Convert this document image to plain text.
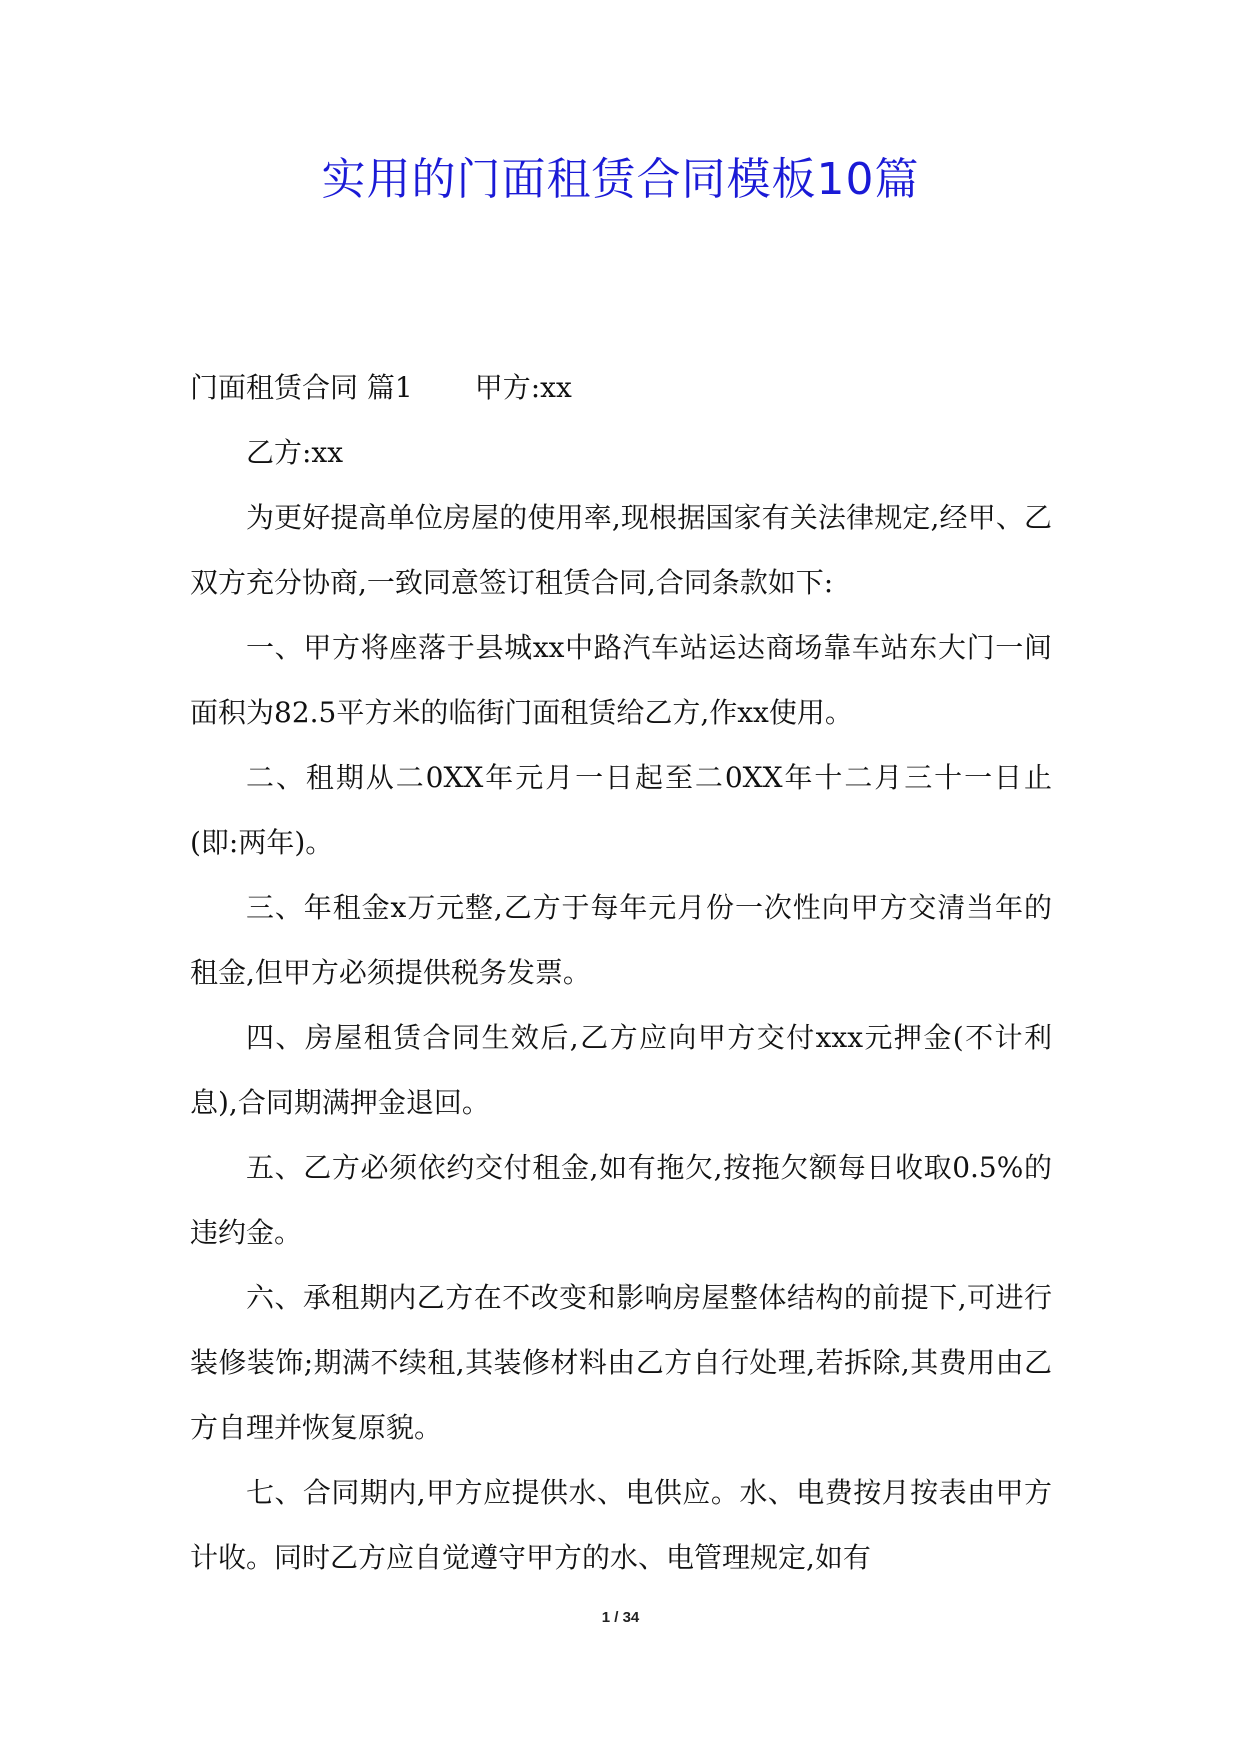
实用的门面租赁合同模板10篇

门面租赁合同 篇1 甲方:xx

乙方:xx

为更好提高单位房屋的使用率,现根据国家有关法律规定,经甲、乙双方充分协商,一致同意签订租赁合同,合同条款如下:

一、甲方将座落于县城xx中路汽车站运达商场靠车站东大门一间面积为82.5平方米的临街门面租赁给乙方,作xx使用。

二、租期从二0XX年元月一日起至二0XX年十二月三十一日止(即:两年)。

三、年租金x万元整,乙方于每年元月份一次性向甲方交清当年的租金,但甲方必须提供税务发票。

四、房屋租赁合同生效后,乙方应向甲方交付xxx元押金(不计利息),合同期满押金退回。

五、乙方必须依约交付租金,如有拖欠,按拖欠额每日收取0.5%的违约金。

六、承租期内乙方在不改变和影响房屋整体结构的前提下,可进行装修装饰;期满不续租,其装修材料由乙方自行处理,若拆除,其费用由乙方自理并恢复原貌。

七、合同期内,甲方应提供水、电供应。水、电费按月按表由甲方计收。同时乙方应自觉遵守甲方的水、电管理规定,如有

1 / 34
